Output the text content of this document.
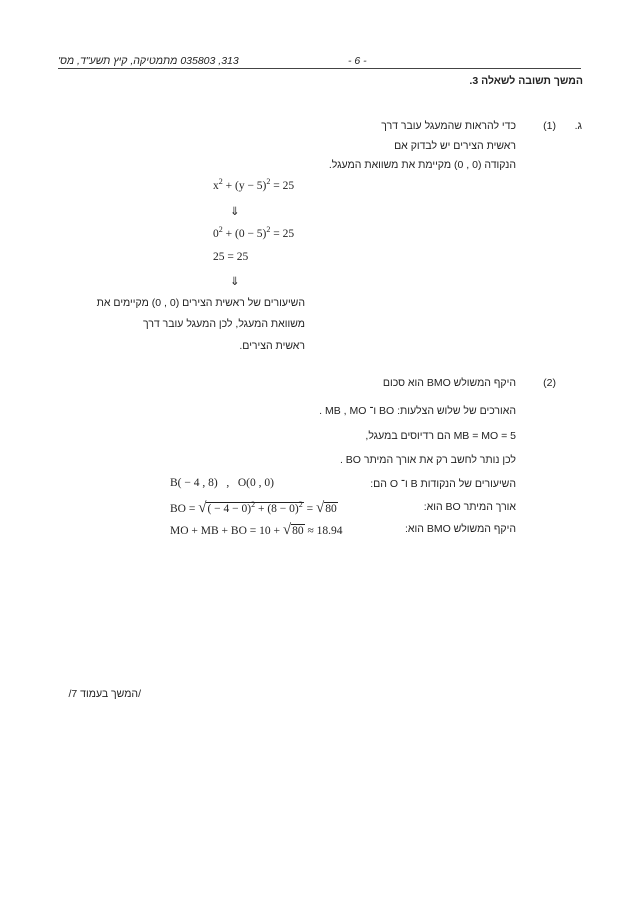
313, 035803 מתמטיקה, קיץ תשע"ד, מס'	- 6 -
המשך תשובה לשאלה 3.
ג.
(1)
כדי להראות שהמעגל עובר דרך
ראשית הצירים יש לבדוק אם
הנקודה (0 , 0) מקיימת את משוואת המעגל.
$x^2 + (y - 5)^2 = 25$
⇓
$0^2 + (0 - 5)^2 = 25$
25 = 25
⇓
השיעורים של ראשית הצירים (0 , 0) מקיימים את
משוואת המעגל, לכן המעגל עובר דרך
ראשית הצירים.
(2)
היקף המשולש BMO הוא סכום
האורכים של שלוש הצלעות: BO ו־ MB , MO .
MB = MO = 5 הם רדיוסים במעגל,
לכן נותר לחשב רק את אורך המיתר BO .
השיעורים של הנקודות B ו־ O הם:
B( − 4 , 8)   ,   O(0 , 0)
אורך המיתר BO הוא:
BO = √( − $4 - 0)^2 + (8 - 0)^2 = √80$
היקף המשולש BMO הוא:
MO + MB + BO = 10 + √80 ≈ 18.94
/המשך בעמוד 7/
